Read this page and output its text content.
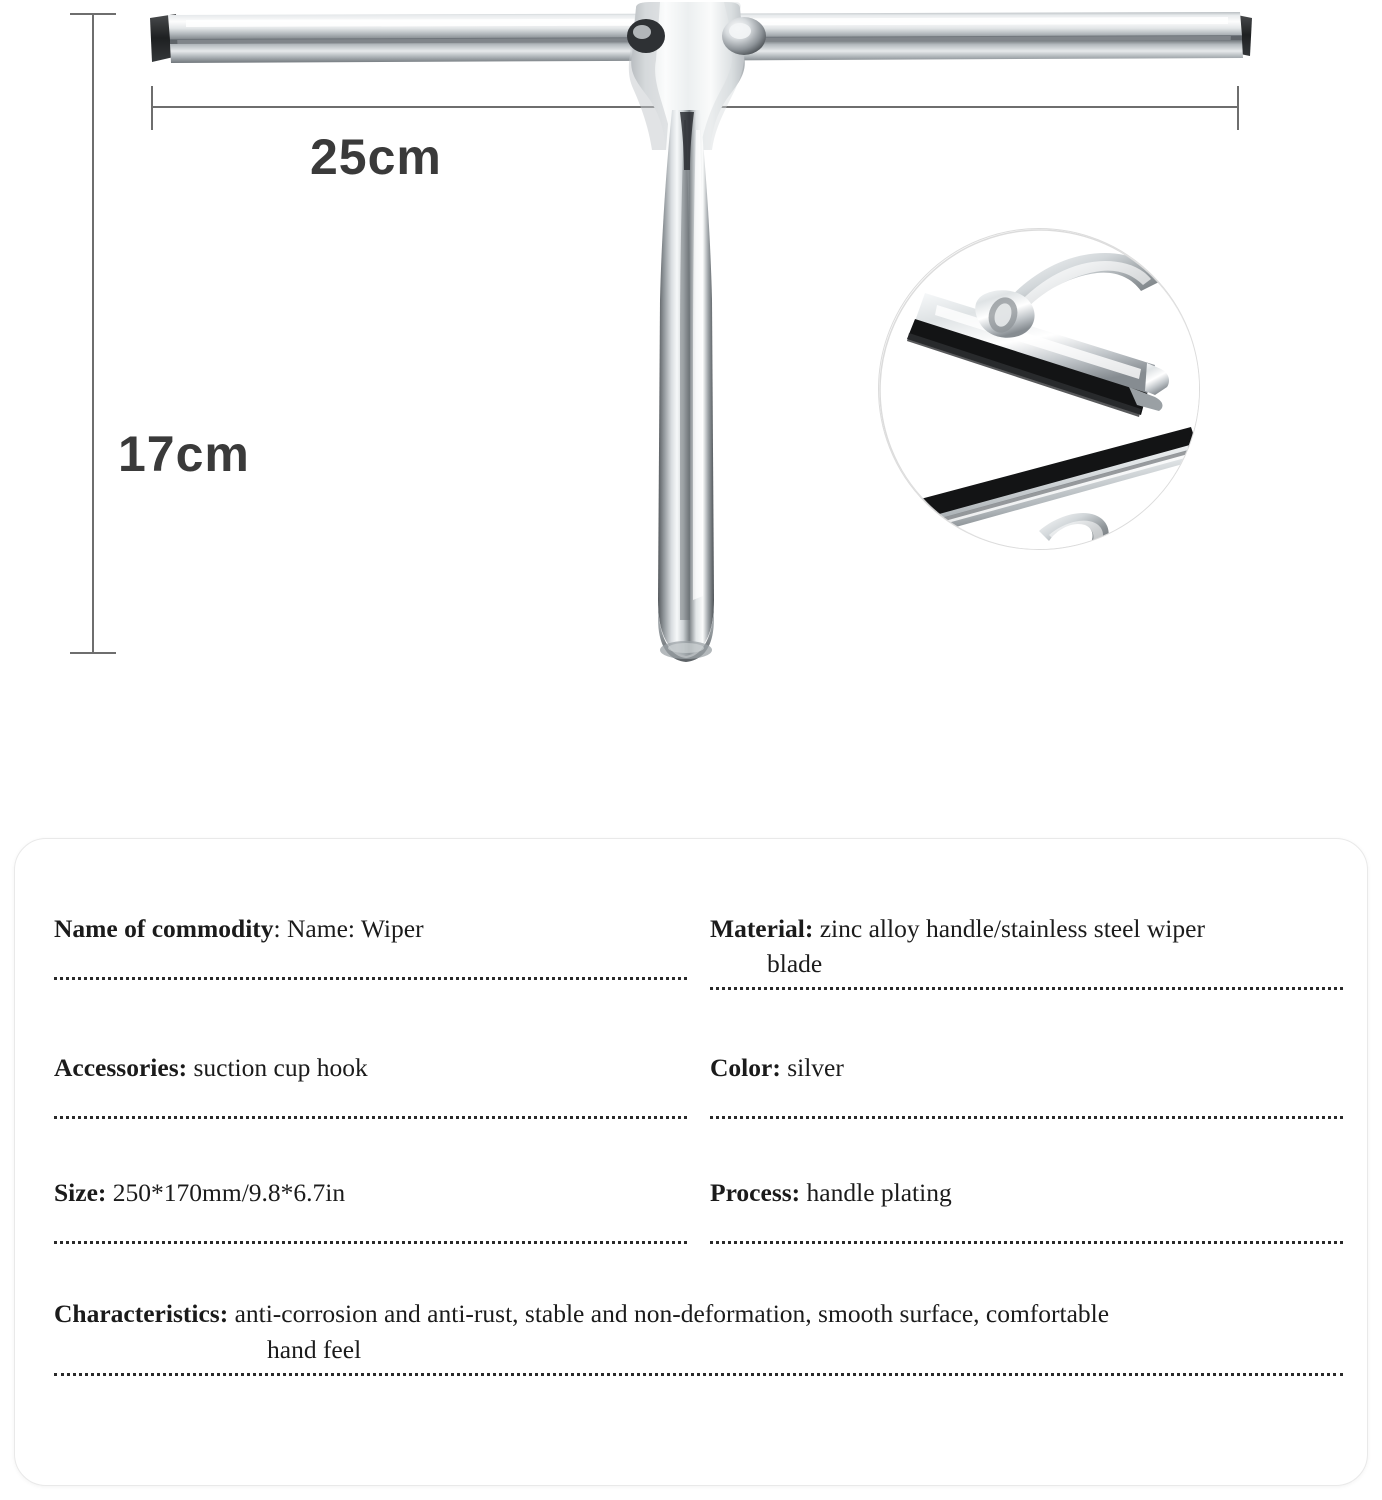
25cm
17cm
Name of commodity: Name: Wiper	Material: zinc alloy handle/stainless steel wiper
blade
Accessories: suction cup hook	Color: silver
Size: 250*170mm/9.8*6.7in	Process: handle plating
Characteristics: anti-corrosion and anti-rust, stable and non-deformation, smooth surface, comfortable
hand feel
